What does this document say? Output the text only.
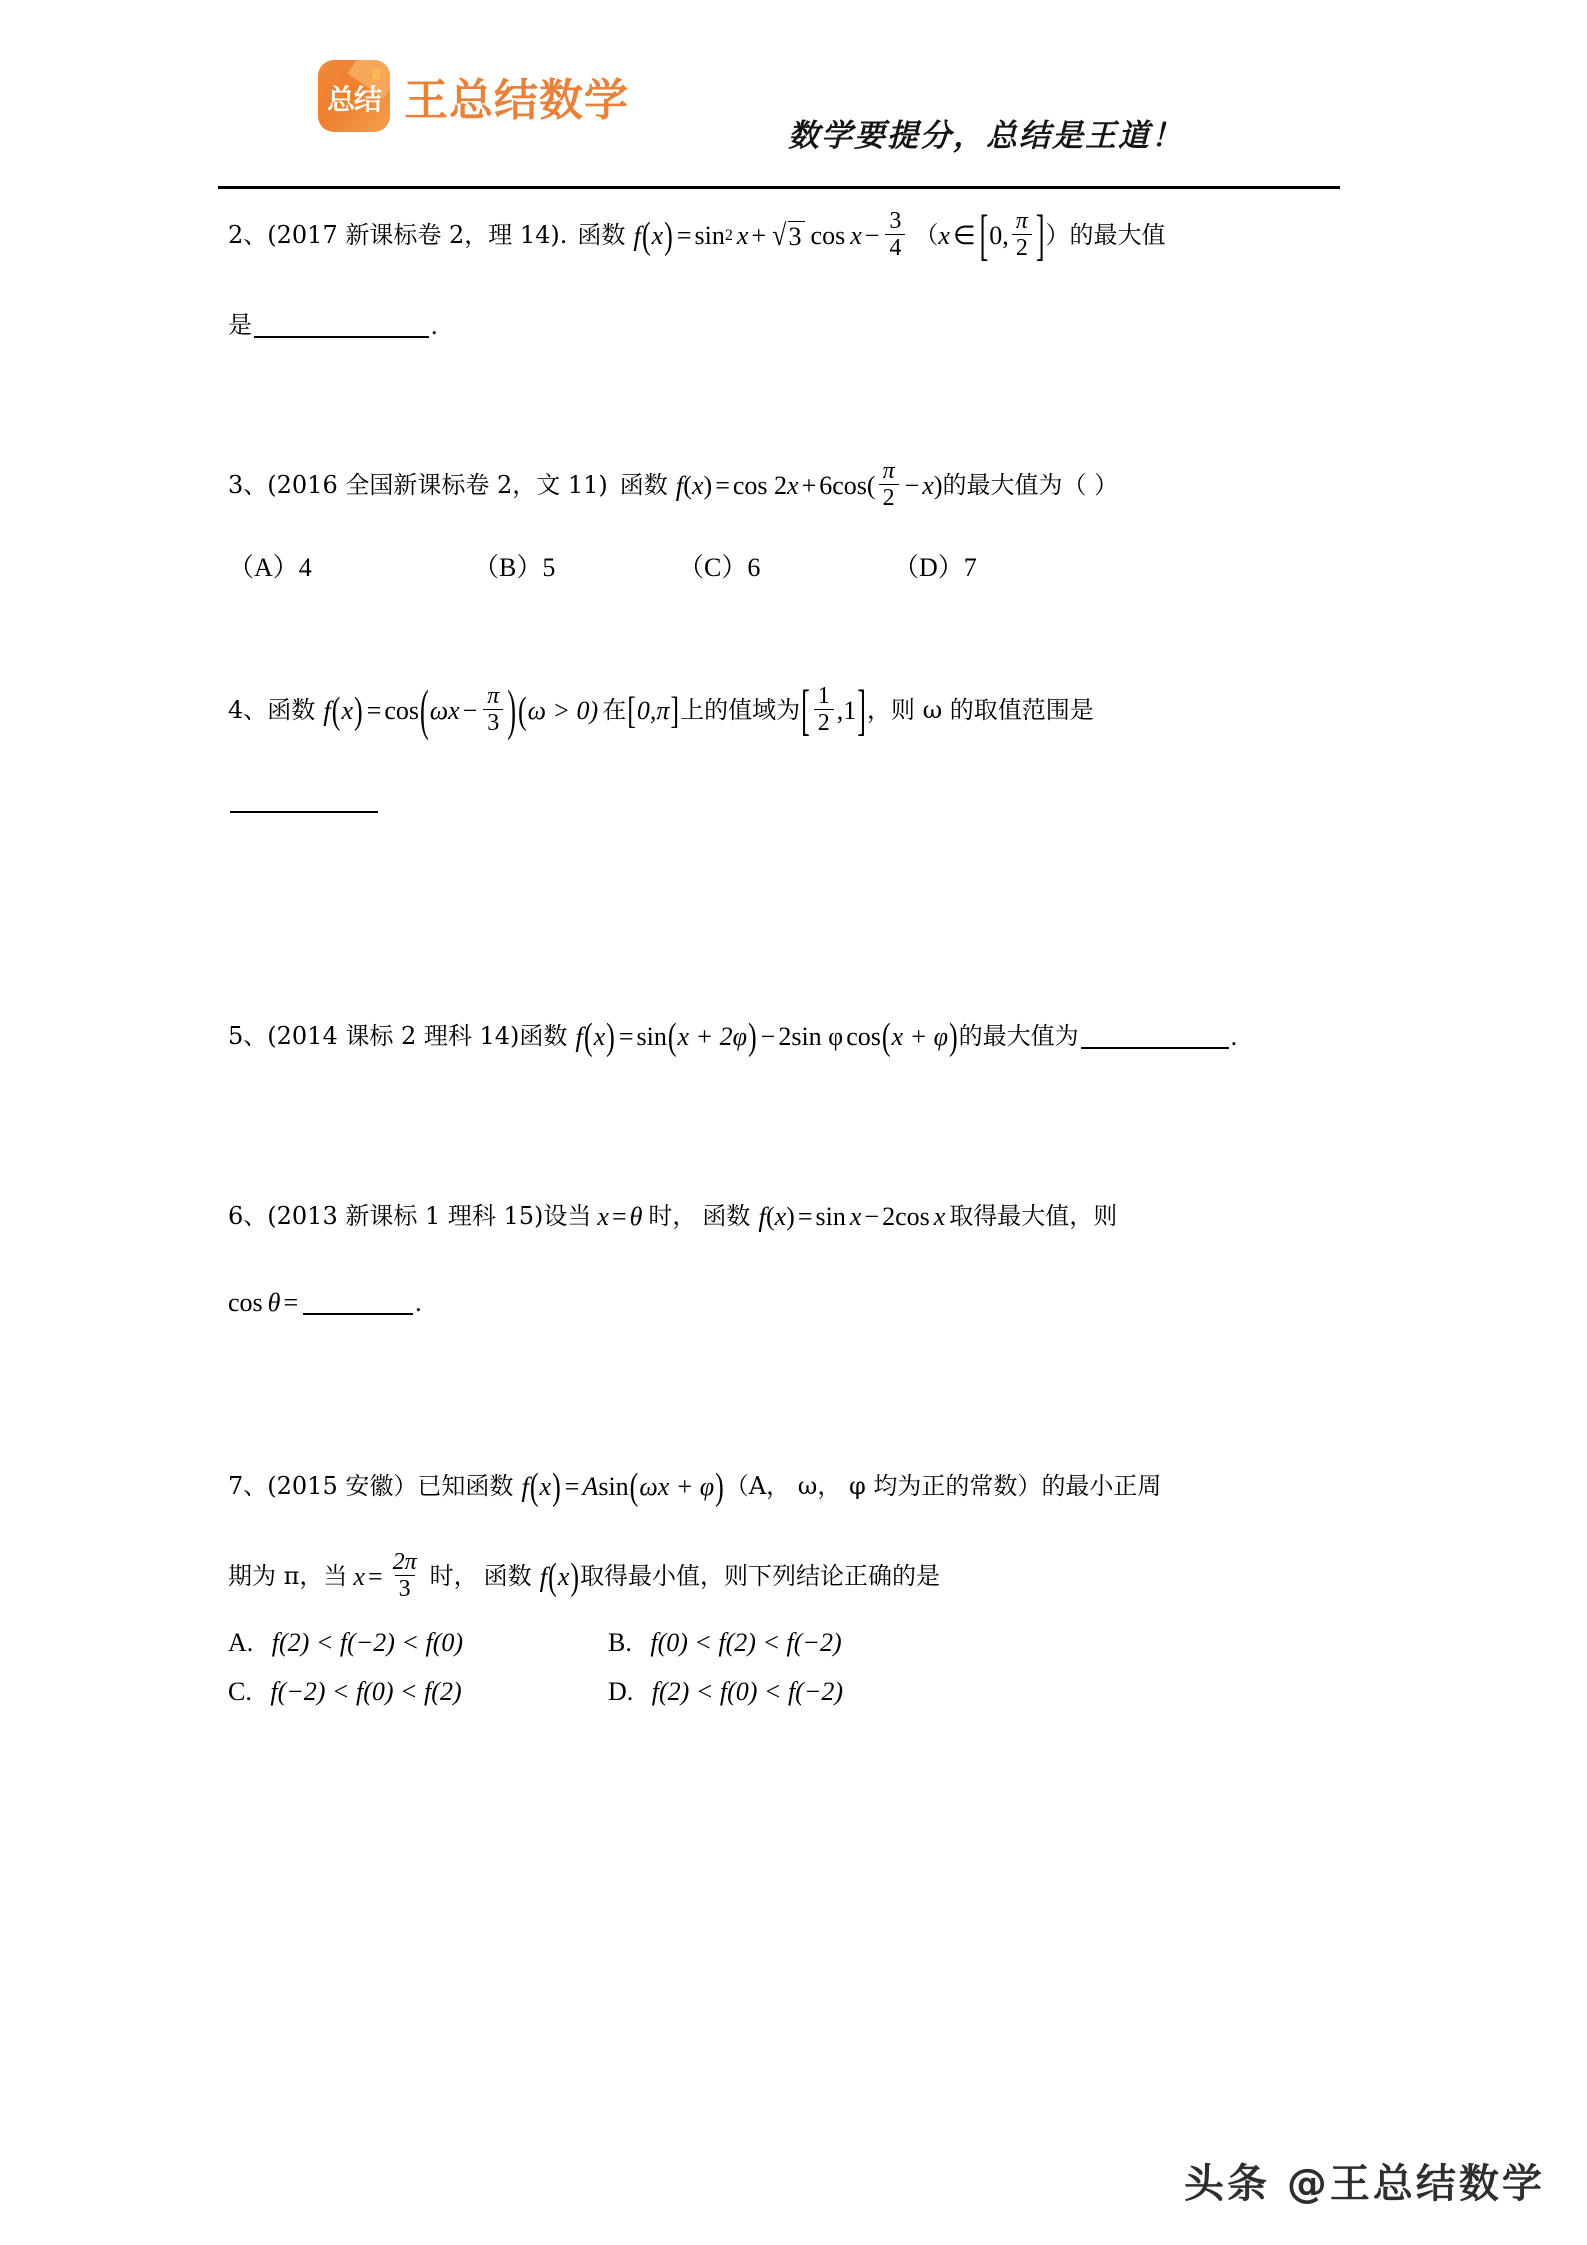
♕
总结 王总结数学
数学要提分，总结是王道！
2、 (2017 新课标卷 2，理 14). 函数 f ( x ) = sin 2 x + √ 3 $\cos x - \frac{3}{4}$ （ x ∈ [ 0, $\frac{\pi}{2}$ ] ） 的最大值
是	.
3、 (2016 全国新课标卷 2，文 11) 函数 f ( x ) = cos 2 x + 6 $\cos( \frac{\pi}{2} - x$ ) 的最大值为（ ）
（A）4	（B）5	（C）6	（D）7
4、 函数 f ( x ) = cos ( ω $x - \frac{\pi}{3}$ ) ( ω > 0) 在 [ 0,π ] 上的值域为 [ $\frac{1}{2} ,1$ ] ，则 ω 的取值范围是
5、 (2014 课标 2 理科 14) 函数 f ( x ) = sin ( x + 2φ ) − 2 sin φ cos ( x + φ ) 的最大值为	.
6、 (2013 新课标 1 理科 15) 设当 x = θ 时， 函数 f ( x ) = sin x − 2 cos x 取得最大值，则
cos θ =	.
7、 (2015 安徽） 已知函数 f ( x ) = A sin ( ωx + φ ) （A， ω， φ 均为正的常数） 的最小正周
期为 π，当 $x = \frac{2\pi}{3}$ 时， 函数 f ( x ) 取得最小值，则下列结论正确的是
A. f(2) < f(−2) < f(0)	B. f(0) < f(2) < f(−2)
C. f(−2) < f(0) < f(2)	D. f(2) < f(0) < f(−2)
头条 @王总结数学
